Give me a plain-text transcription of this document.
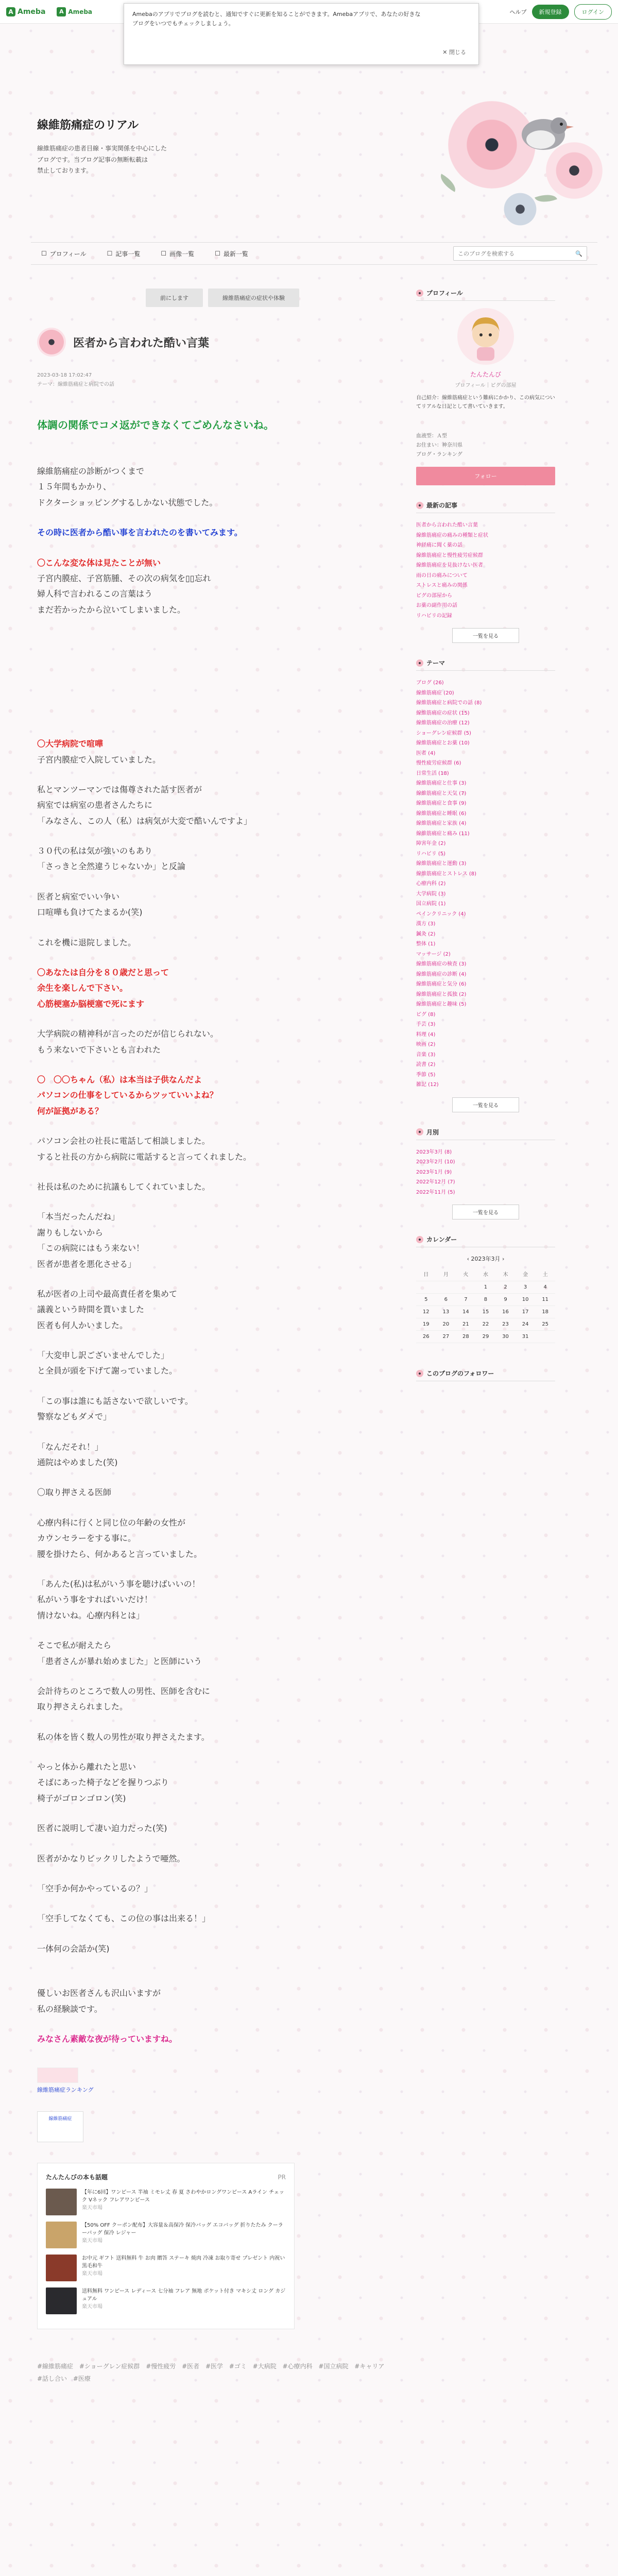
A Ameba	A Ameba	ヘルプ	新規登録	ログイン
Amebaのアプリでブログを読むと、通知ですぐに更新を知ることができます。Amebaアプリで、あなたの好きな
ブログをいつでもチェックしましょう。
✕ 閉じる
線維筋痛症のリアル
線維筋痛症の患者目線・事実関係を中心にした
ブログです。当ブログ記事の無断転載は
禁止しております。
☐ プロフィール	☐ 記事一覧	☐ 画像一覧	☐ 最新一覧
このブログを検索する	🔍
前にします	線維筋痛症の症状や体験
医者から言われた酷い言葉
2023-03-18 17:02:47
テーマ：線維筋痛症と病院での話

体調の関係でコメ返ができなくてごめんなさいね。

線維筋痛症の診断がつくまで

１５年間もかかり、

ドクターショッピングするしかない状態でした。

その時に医者から酷い事を言われたのを書いてみます。

〇こんな変な体は見たことが無い

子宮内膜症、子宮筋腫、その次の病気を▯▯忘れ

婦人科で言われるこの言葉はう

まだ若かったから泣いてしまいました。

〇大学病院で喧嘩

子宮内膜症で入院していました。

私とマンツーマンでは傷尊された話す医者が

病室では病室の患者さんたちに

「みなさん、この人（私）は病気が大変で酷いんですよ」

３０代の私は気が強いのもあり

「さっきと全然違うじゃないか」と反論

医者と病室でいい争い

口喧嘩も負けてたまるか(笑)

これを機に退院しました。

〇あなたは自分を８０歳だと思って
余生を楽しんで下さい。
心筋梗塞か脳梗塞で死にます

大学病院の精神科が言ったのだが信じられない。

もう来ないで下さいとも言われた

〇　〇〇ちゃん（私）は本当は子供なんだよ
パソコンの仕事をしているからツッていいよね？
何が証拠がある？

パソコン会社の社長に電話して相談しました。

すると社長の方から病院に電話すると言ってくれました。

社長は私のために抗議もしてくれていました。

「本当だったんだね」

謝りもしないから

「この病院にはもう来ない！

医者が患者を悪化させる」

私が医者の上司や最高責任者を集めて

議義という時間を貰いました

医者も何人かいました。

「大変申し訳ございませんでした」

と全員が頭を下げて謝っていました。

「この事は誰にも話さないで欲しいです。

警察などもダメで」

「なんだそれ！」

通院はやめました(笑)

〇取り押さえる医師

心療内科に行くと同じ位の年齢の女性が

カウンセラーをする事に。

腰を掛けたら、何かあると言っていました。

「あんた(私)は私がいう事を聴けばいいの！

私がいう事をすればいいだけ！

情けないね。心療内科とは」

そこで私が耐えたら

「患者さんが暴れ始めました」と医師にいう

会計待ちのところで数人の男性、医師を含むに

取り押さえられました。

私の体を皆く数人の男性が取り押さえたます。

やっと体から離れたと思い

そばにあった椅子などを握りつぶり

椅子がゴロンゴロン(笑)

医者に説明して凄い迫力だった(笑)

医者がかなりビックリしたようで唖然。

「空手か何かやっているの？」

「空手してなくても、この位の事は出来る！」

一体何の会話か(笑)

優しいお医者さんも沢山いますが

私の経験談です。

みなさん素敵な夜が待っていますね。

線維筋痛症ランキング
線維筋痛症
たんたんびの本も話題	PR
【年に6回】ワンピース 半袖 ミモレ丈 春 夏 さわやかロングワンピース Aライン チェック Vネック フレアワンピース
楽天市場
【50% OFF クーポン配布】大容量＆高保冷 保冷バッグ エコバッグ 折りたたみ クーラーバッグ 保冷 レジャー
楽天市場
お中元 ギフト 送料無料 牛 お肉 贈答 ステーキ 焼肉 冷凍 お取り寄せ プレゼント 内祝い 黒毛和牛
楽天市場
送料無料 ワンピース レディース 七分袖 フレア 無地 ポケット付き マキシ丈 ロング カジュアル
楽天市場
#線維筋痛症 #ショーグレン症候群 #慢性疲労 #医者 #医学 #ゴミ #大病院 #心療内科 #国立病院 #キャリア #話し合い #医療
プロフィール
たんたんび
プロフィール｜ピグの部屋
自己紹介：線維筋痛症という難病にかかり、この病気についてリアルな日記として書いていきます。
血液型：Ａ型
お住まい：神奈川県
ブログ・ランキング
フォロー
最新の記事
医者から言われた酷い言葉
線維筋痛症の痛みの種類と症状
神経痛に聞く薬の話
線維筋痛症と慢性疲労症候群
線維筋痛症を見抜けない医者
雨の日の痛みについて
ストレスと痛みの関係
ピグの部屋から
お薬の副作用の話
リハビリの記録
一覧を見る
テーマ
ブログ (26)
線維筋痛症 (20)
線維筋痛症と病院での話 (8)
線維筋痛症の症状 (15)
線維筋痛症の治療 (12)
ショーグレン症候群 (5)
線維筋痛症とお薬 (10)
医者 (4)
慢性疲労症候群 (6)
日常生活 (18)
線維筋痛症と仕事 (3)
線維筋痛症と天気 (7)
線維筋痛症と食事 (9)
線維筋痛症と睡眠 (6)
線維筋痛症と家族 (4)
線維筋痛症と痛み (11)
障害年金 (2)
リハビリ (5)
線維筋痛症と運動 (3)
線維筋痛症とストレス (8)
心療内科 (2)
大学病院 (3)
国立病院 (1)
ペインクリニック (4)
漢方 (3)
鍼灸 (2)
整体 (1)
マッサージ (2)
線維筋痛症の検査 (3)
線維筋痛症の診断 (4)
線維筋痛症と気分 (6)
線維筋痛症と孤独 (2)
線維筋痛症と趣味 (5)
ピグ (8)
手芸 (3)
料理 (4)
映画 (2)
音楽 (3)
読書 (2)
季節 (5)
雑記 (12)
一覧を見る
月別
2023年3月 (8)
2023年2月 (10)
2023年1月 (9)
2022年12月 (7)
2022年11月 (5)
一覧を見る
カレンダー
‹ 2023年3月 ›
日	月	火	水	木	金	土
			1	2	3	4
5	6	7	8	9	10	11
12	13	14	15	16	17	18
19	20	21	22	23	24	25
26	27	28	29	30	31	
このブログのフォロワー
